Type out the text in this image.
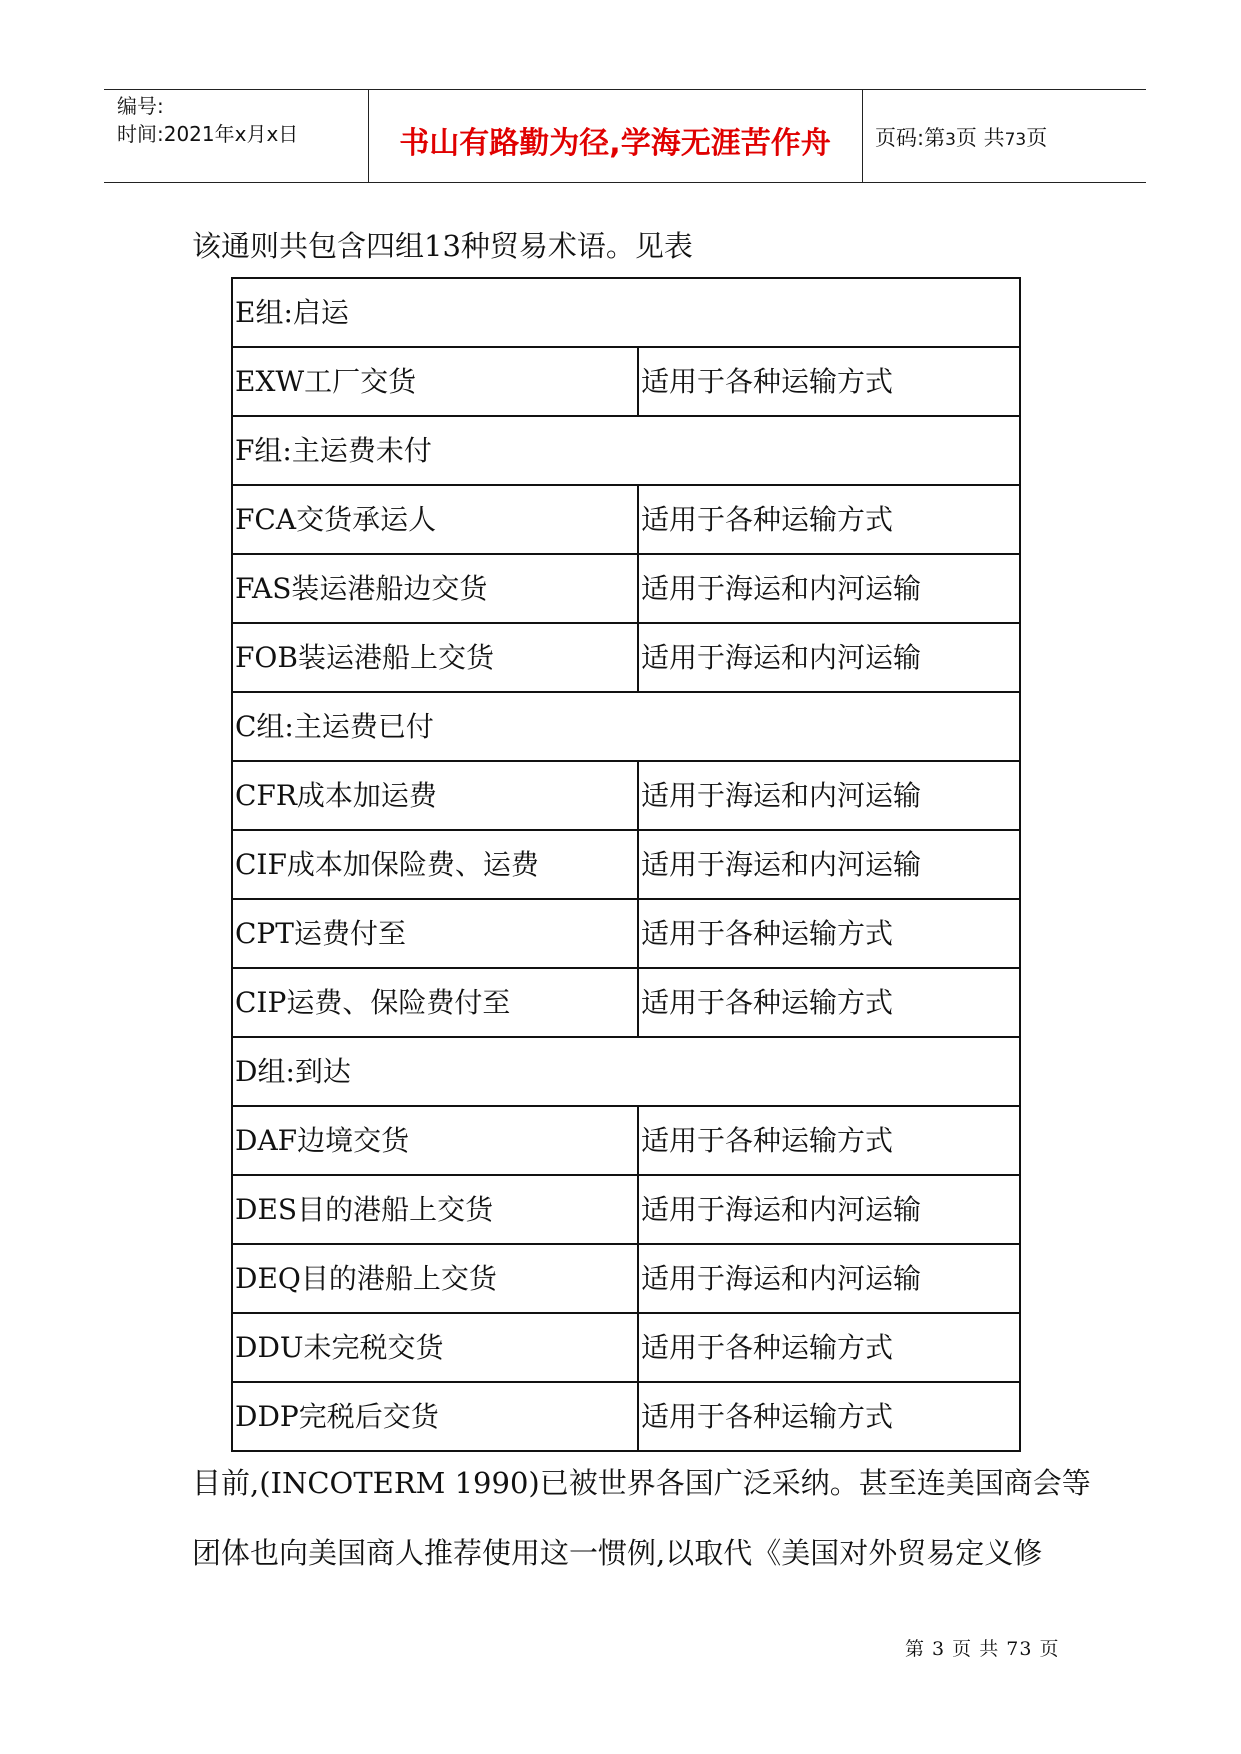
编号:
时间:2021年x月x日	书山有路勤为径,学海无涯苦作舟	页码:第3页 共73页
该通则共包含四组13种贸易术语。见表
E组:启运	
EXW工厂交货	适用于各种运输方式
F组:主运费未付	
FCA交货承运人	适用于各种运输方式
FAS装运港船边交货	适用于海运和内河运输
FOB装运港船上交货	适用于海运和内河运输
C组:主运费已付	
CFR成本加运费	适用于海运和内河运输
CIF成本加保险费、运费	适用于海运和内河运输
CPT运费付至	适用于各种运输方式
CIP运费、保险费付至	适用于各种运输方式
D组:到达	
DAF边境交货	适用于各种运输方式
DES目的港船上交货	适用于海运和内河运输
DEQ目的港船上交货	适用于海运和内河运输
DDU未完税交货	适用于各种运输方式
DDP完税后交货	适用于各种运输方式
目前,(INCOTERM 1990)已被世界各国广泛采纳。甚至连美国商会等
团体也向美国商人推荐使用这一惯例,以取代《美国对外贸易定义修
第 3 页 共 73 页
